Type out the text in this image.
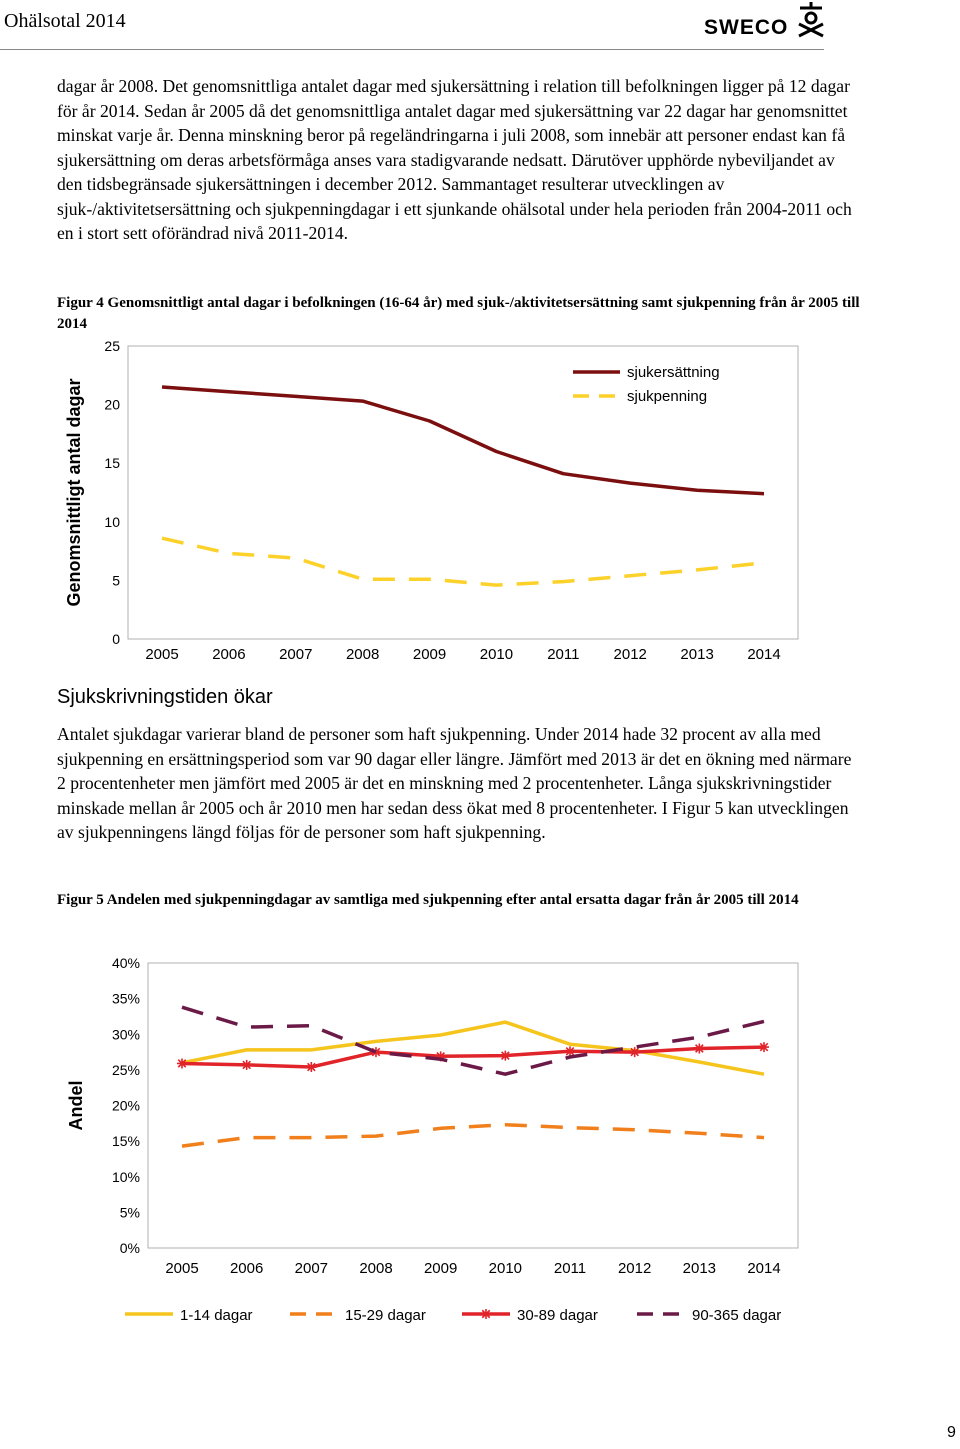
Ohälsotal 2014	SWECO

dagar år 2008. Det genomsnittliga antalet dagar med sjukersättning i relation till befolkningen ligger på 12 dagar för år 2014. Sedan år 2005 då det genomsnittliga antalet dagar med sjukersättning var 22 dagar har genomsnittet minskat varje år. Denna minskning beror på regeländringarna i juli 2008, som innebär att personer endast kan få sjukersättning om deras arbetsförmåga anses vara stadigvarande nedsatt. Därutöver upphörde nybeviljandet av den tidsbegränsade sjukersättningen i december 2012. Sammantaget resulterar utvecklingen av sjuk-/aktivitetsersättning och sjukpenningdagar i ett sjunkande ohälsotal under hela perioden från 2004-2011 och en i stort sett oförändrad nivå 2011-2014.

Figur 4 Genomsnittligt antal dagar i befolkningen (16-64 år) med sjuk-/aktivitetsersättning samt sjukpenning från år 2005 till 2014

0
5
10
15
20
25
2005 2006 2007 2008 2009 2010 2011 2012 2013 2014
Genomsnittligt antal dagar
sjukersättning
sjukpenning
Sjukskrivningstiden ökar

Antalet sjukdagar varierar bland de personer som haft sjukpenning. Under 2014 hade 32 procent av alla med sjukpenning en ersättningsperiod som var 90 dagar eller längre. Jämfört med 2013 är det en ökning med närmare 2 procentenheter men jämfört med 2005 är det en minskning med 2 procentenheter. Långa sjukskrivningstider minskade mellan år 2005 och år 2010 men har sedan dess ökat med 8 procentenheter. I Figur 5 kan utvecklingen av sjukpenningens längd följas för de personer som haft sjukpenning.

Figur 5 Andelen med sjukpenningdagar av samtliga med sjukpenning efter antal ersatta dagar från år 2005 till 2014

0%
5%
10%
15%
20%
25%
30%
35%
40%
2005 2006 2007 2008 2009 2010 2011 2012 2013 2014
Andel
1-14 dagar	15-29 dagar	30-89 dagar	90-365 dagar
9
